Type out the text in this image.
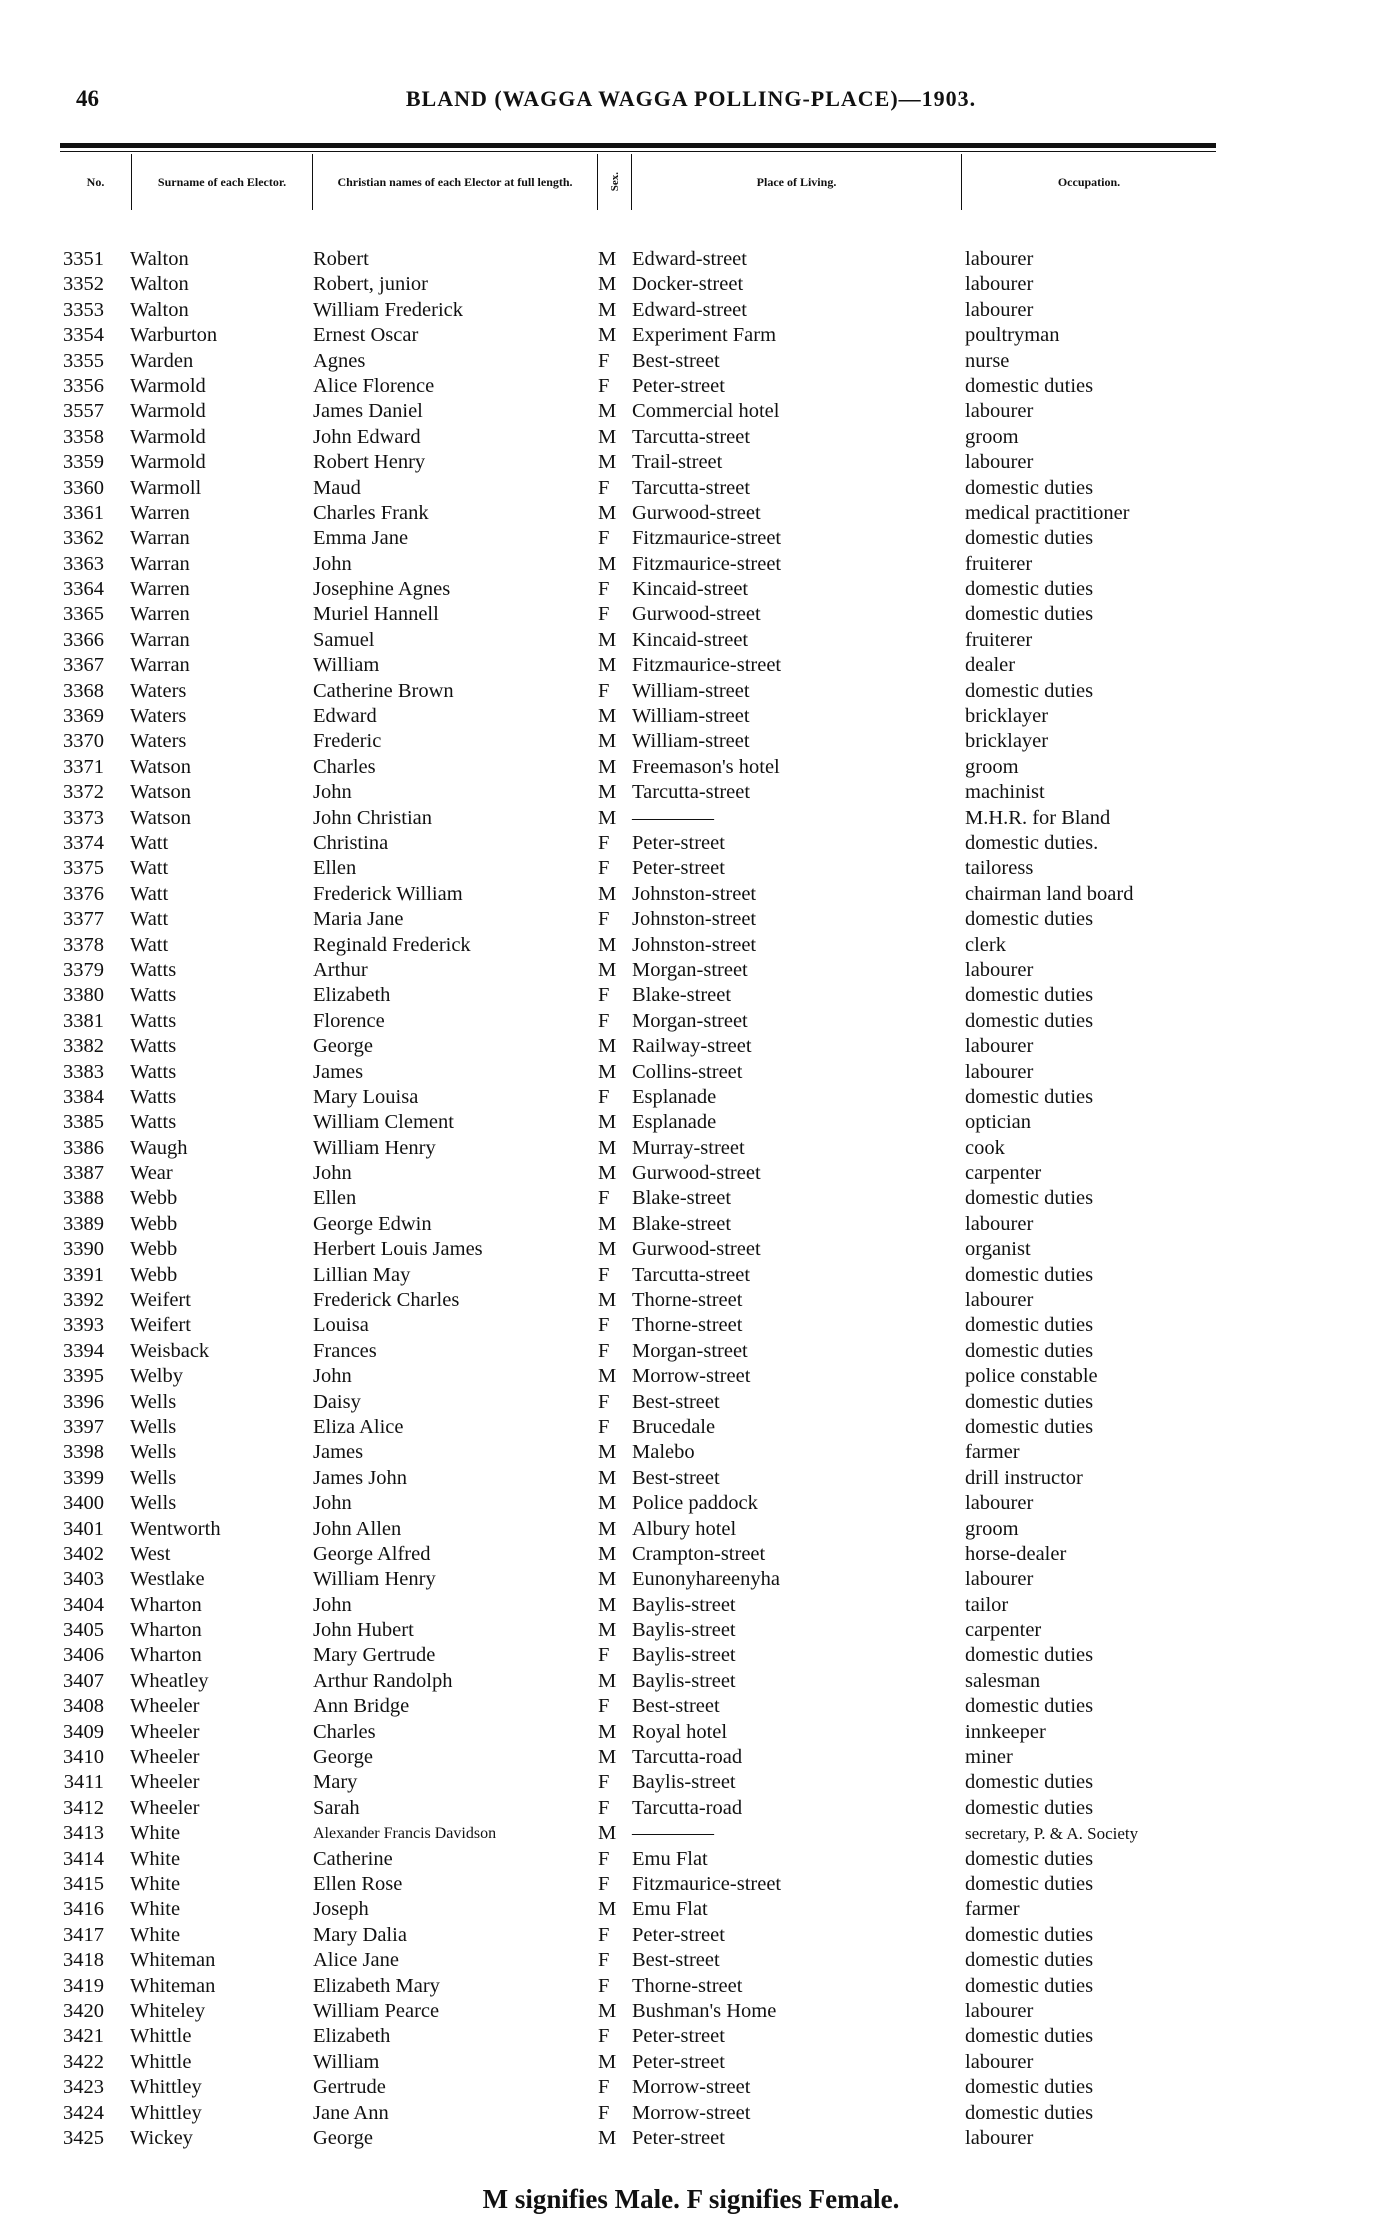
46	BLAND (WAGGA WAGGA POLLING-PLACE)—1903.
No.	Surname of each Elector.	Christian names of each Elector at full length.	Sex.	Place of Living.	Occupation.
3351 Walton	Robert	M Edward-street	labourer
3352 Walton	Robert, junior	M Docker-street	labourer
3353 Walton	William Frederick	M Edward-street	labourer
3354 Warburton	Ernest Oscar	M Experiment Farm	poultryman
3355 Warden	Agnes	F Best-street	nurse
3356 Warmold	Alice Florence	F Peter-street	domestic duties
3557 Warmold	James Daniel	M Commercial hotel	labourer
3358 Warmold	John Edward	M Tarcutta-street	groom
3359 Warmold	Robert Henry	M Trail-street	labourer
3360 Warmoll	Maud	F Tarcutta-street	domestic duties
3361 Warren	Charles Frank	M Gurwood-street	medical practitioner
3362 Warran	Emma Jane	F Fitzmaurice-street	domestic duties
3363 Warran	John	M Fitzmaurice-street	fruiterer
3364 Warren	Josephine Agnes	F Kincaid-street	domestic duties
3365 Warren	Muriel Hannell	F Gurwood-street	domestic duties
3366 Warran	Samuel	M Kincaid-street	fruiterer
3367 Warran	William	M Fitzmaurice-street	dealer
3368 Waters	Catherine Brown	F William-street	domestic duties
3369 Waters	Edward	M William-street	bricklayer
3370 Waters	Frederic	M William-street	bricklayer
3371 Watson	Charles	M Freemason's hotel	groom
3372 Watson	John	M Tarcutta-street	machinist
3373 Watson	John Christian	M ————	M.H.R. for Bland
3374 Watt	Christina	F Peter-street	domestic duties.
3375 Watt	Ellen	F Peter-street	tailoress
3376 Watt	Frederick William	M Johnston-street	chairman land board
3377 Watt	Maria Jane	F Johnston-street	domestic duties
3378 Watt	Reginald Frederick	M Johnston-street	clerk
3379 Watts	Arthur	M Morgan-street	labourer
3380 Watts	Elizabeth	F Blake-street	domestic duties
3381 Watts	Florence	F Morgan-street	domestic duties
3382 Watts	George	M Railway-street	labourer
3383 Watts	James	M Collins-street	labourer
3384 Watts	Mary Louisa	F Esplanade	domestic duties
3385 Watts	William Clement	M Esplanade	optician
3386 Waugh	William Henry	M Murray-street	cook
3387 Wear	John	M Gurwood-street	carpenter
3388 Webb	Ellen	F Blake-street	domestic duties
3389 Webb	George Edwin	M Blake-street	labourer
3390 Webb	Herbert Louis James	M Gurwood-street	organist
3391 Webb	Lillian May	F Tarcutta-street	domestic duties
3392 Weifert	Frederick Charles	M Thorne-street	labourer
3393 Weifert	Louisa	F Thorne-street	domestic duties
3394 Weisback	Frances	F Morgan-street	domestic duties
3395 Welby	John	M Morrow-street	police constable
3396 Wells	Daisy	F Best-street	domestic duties
3397 Wells	Eliza Alice	F Brucedale	domestic duties
3398 Wells	James	M Malebo	farmer
3399 Wells	James John	M Best-street	drill instructor
3400 Wells	John	M Police paddock	labourer
3401 Wentworth	John Allen	M Albury hotel	groom
3402 West	George Alfred	M Crampton-street	horse-dealer
3403 Westlake	William Henry	M Eunonyhareenyha	labourer
3404 Wharton	John	M Baylis-street	tailor
3405 Wharton	John Hubert	M Baylis-street	carpenter
3406 Wharton	Mary Gertrude	F Baylis-street	domestic duties
3407 Wheatley	Arthur Randolph	M Baylis-street	salesman
3408 Wheeler	Ann Bridge	F Best-street	domestic duties
3409 Wheeler	Charles	M Royal hotel	innkeeper
3410 Wheeler	George	M Tarcutta-road	miner
3411 Wheeler	Mary	F Baylis-street	domestic duties
3412 Wheeler	Sarah	F Tarcutta-road	domestic duties
3413 White	Alexander Francis Davidson	M ————	secretary, P. & A. Society
3414 White	Catherine	F Emu Flat	domestic duties
3415 White	Ellen Rose	F Fitzmaurice-street	domestic duties
3416 White	Joseph	M Emu Flat	farmer
3417 White	Mary Dalia	F Peter-street	domestic duties
3418 Whiteman	Alice Jane	F Best-street	domestic duties
3419 Whiteman	Elizabeth Mary	F Thorne-street	domestic duties
3420 Whiteley	William Pearce	M Bushman's Home	labourer
3421 Whittle	Elizabeth	F Peter-street	domestic duties
3422 Whittle	William	M Peter-street	labourer
3423 Whittley	Gertrude	F Morrow-street	domestic duties
3424 Whittley	Jane Ann	F Morrow-street	domestic duties
3425 Wickey	George	M Peter-street	labourer
M signifies Male. F signifies Female.
